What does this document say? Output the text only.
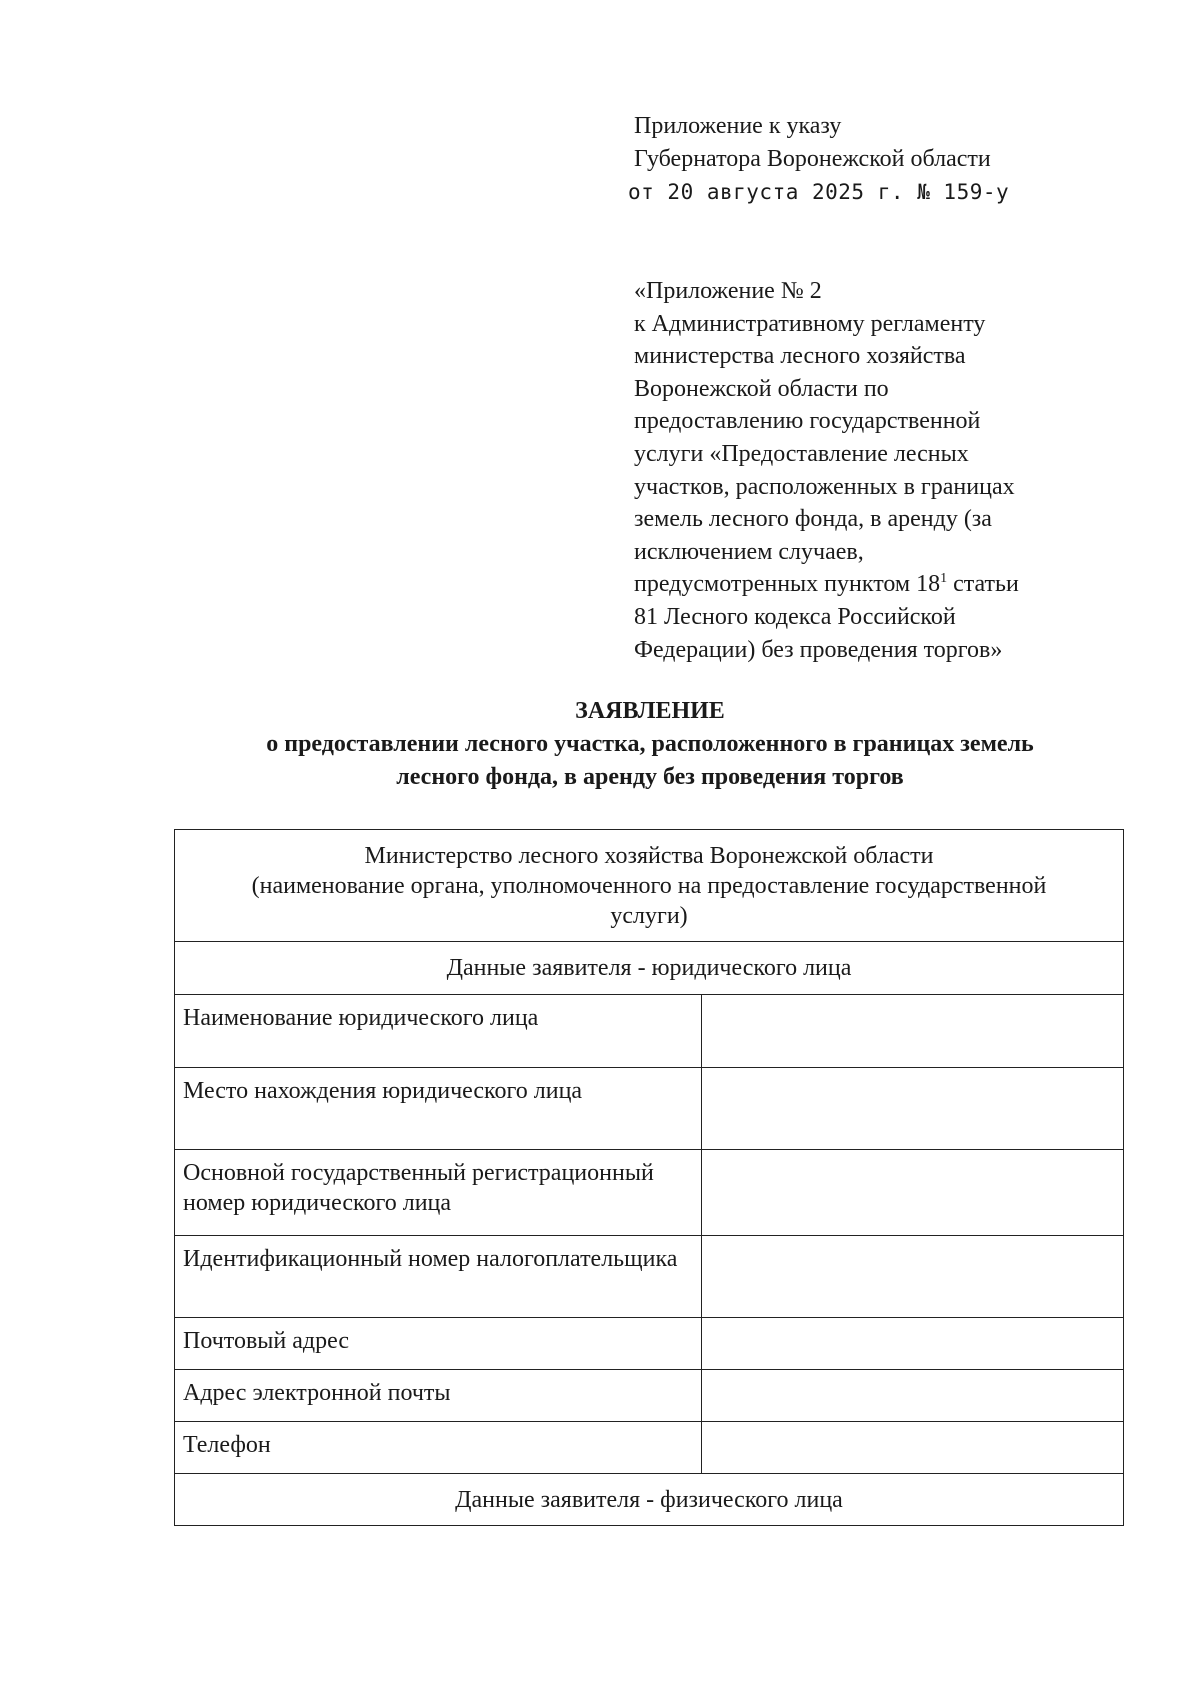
Приложение к указу
Губернатора Воронежской области
от 20 августа 2025 г. № 159-у
«Приложение № 2
к Административному регламенту
министерства лесного хозяйства
Воронежской области по
предоставлению государственной
услуги «Предоставление лесных
участков, расположенных в границах
земель лесного фонда, в аренду (за
исключением случаев,
предусмотренных пунктом $18^1$ статьи
81 Лесного кодекса Российской
Федерации) без проведения торгов»
ЗАЯВЛЕНИЕ
о предоставлении лесного участка, расположенного в границах земель
лесного фонда, в аренду без проведения торгов
Министерство лесного хозяйства Воронежской области
(наименование органа, уполномоченного на предоставление государственной
услуги)	

Данные заявителя - юридического лица	
Наименование юридического лица	
Место нахождения юридического лица	
Основной государственный регистрационный номер юридического лица	
Идентификационный номер налогоплательщика	
Почтовый адрес	
Адрес электронной почты	
Телефон	
Данные заявителя - физического лица	
